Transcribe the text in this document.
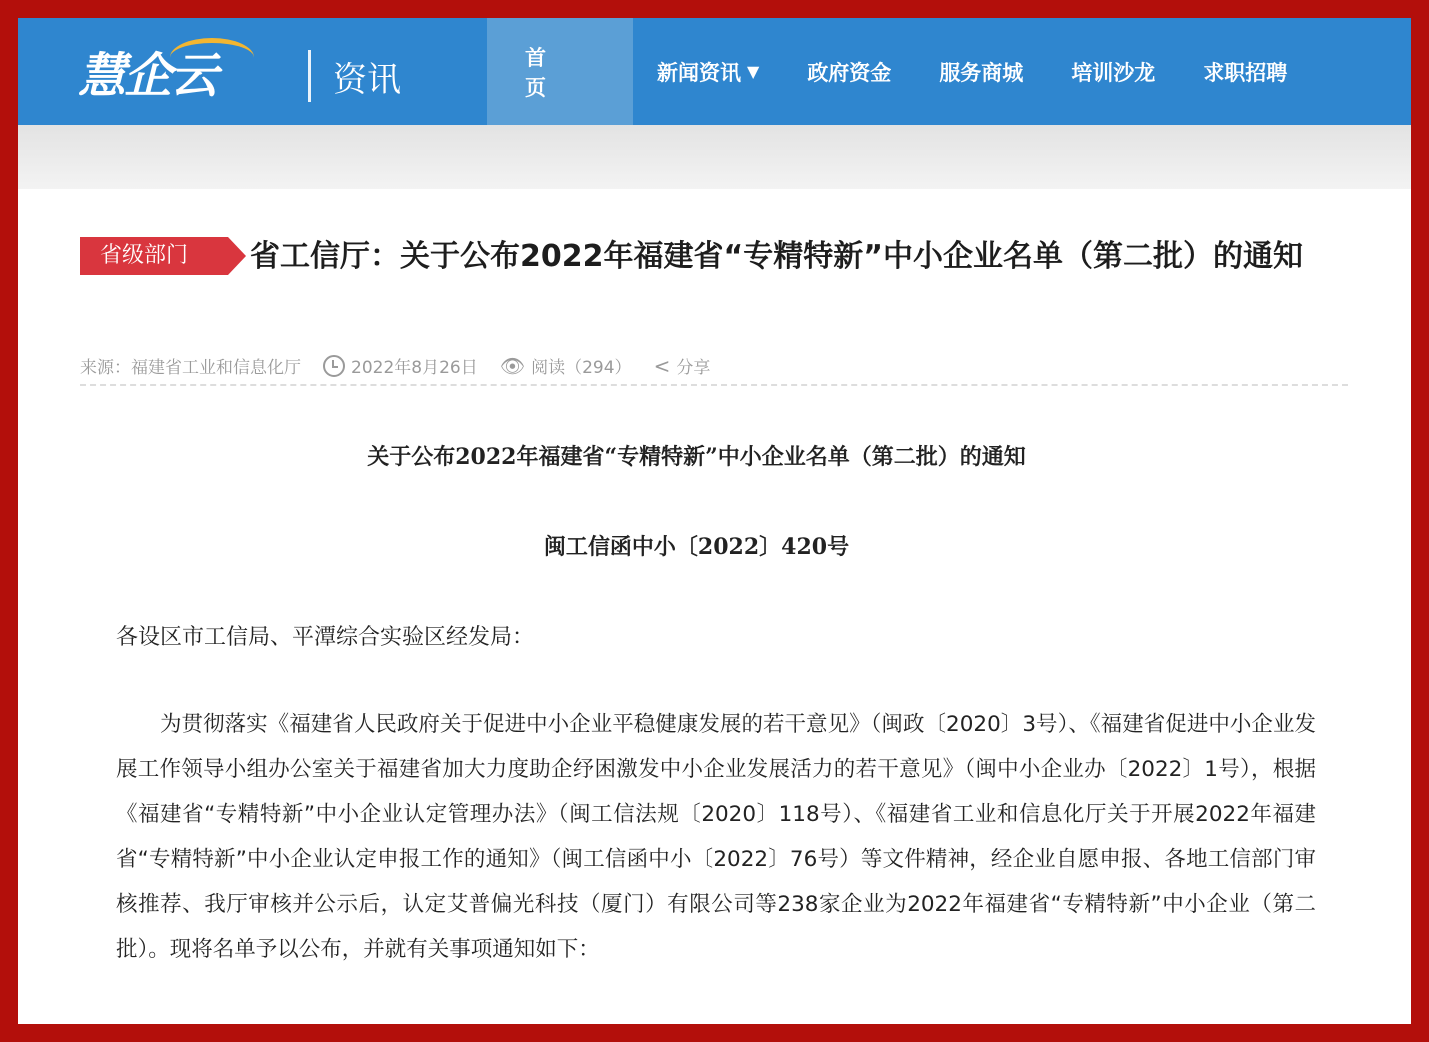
慧企云	资讯
首 页
新闻资讯 ▼ 政府资金 服务商城 培训沙龙 求职招聘
省级部门 省工信厅：关于公布2022年福建省“专精特新”中小企业名单（第二批）的通知
来源：福建省工业和信息化厅	2022年8月26日 👁 阅读（294） < 分享
关于公布2022年福建省“专精特新”中小企业名单（第二批）的通知
闽工信函中小〔2022〕420号
各设区市工信局、平潭综合实验区经发局：
为贯彻落实《福建省人民政府关于促进中小企业平稳健康发展的若干意见》（闽政〔2020〕3号）、《福建省促进中小企业发展工作领导小组办公室关于福建省加大力度助企纾困激发中小企业发展活力的若干意见》（闽中小企业办〔2022〕1号），根据《福建省“专精特新”中小企业认定管理办法》（闽工信法规〔2020〕118号）、《福建省工业和信息化厅关于开展2022年福建省“专精特新”中小企业认定申报工作的通知》（闽工信函中小〔2022〕76号）等文件精神，经企业自愿申报、各地工信部门审核推荐、我厅审核并公示后，认定艾普偏光科技（厦门）有限公司等238家企业为2022年福建省“专精特新”中小企业（第二批）。现将名单予以公布，并就有关事项通知如下：
